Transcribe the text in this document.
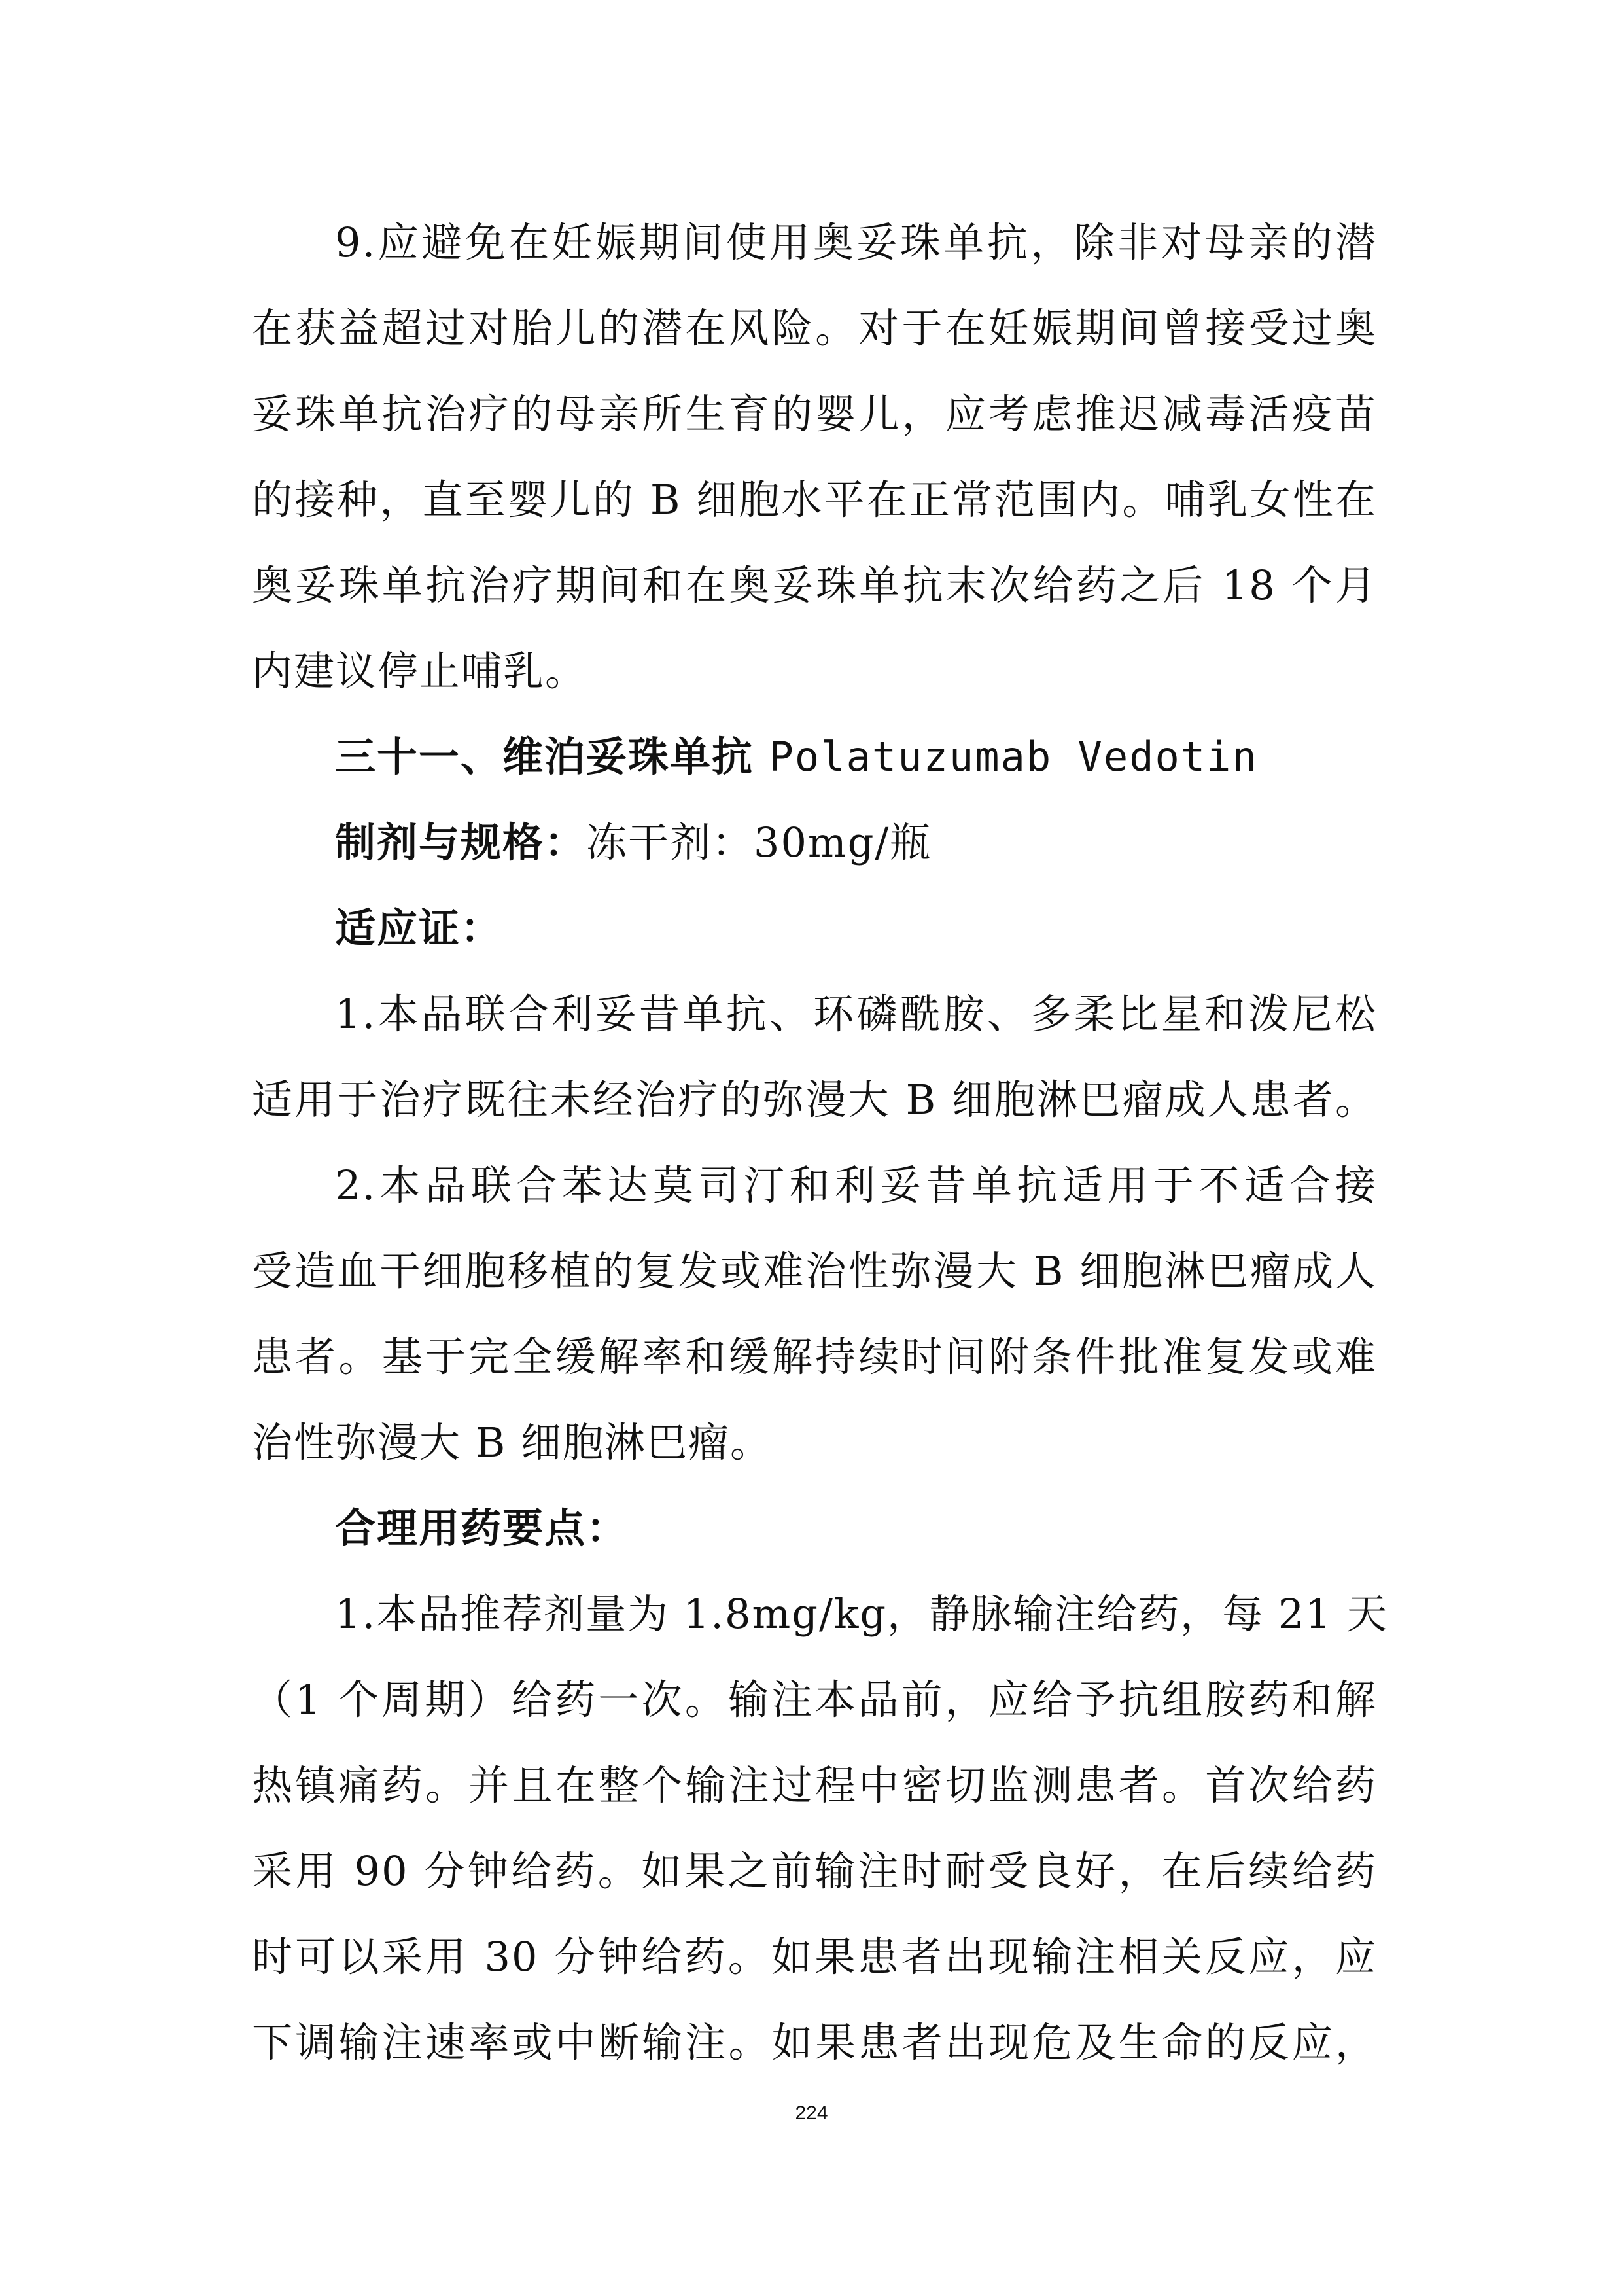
9.应避免在妊娠期间使用奥妥珠单抗，除非对母亲的潜
在获益超过对胎儿的潜在风险。对于在妊娠期间曾接受过奥
妥珠单抗治疗的母亲所生育的婴儿，应考虑推迟减毒活疫苗
的接种，直至婴儿的 B 细胞水平在正常范围内。哺乳女性在
奥妥珠单抗治疗期间和在奥妥珠单抗末次给药之后 18 个月
内建议停止哺乳。
三十一、维泊妥珠单抗 Polatuzumab Vedotin
制剂与规格：冻干剂：30mg/瓶
适应证：
1.本品联合利妥昔单抗、环磷酰胺、多柔比星和泼尼松
适用于治疗既往未经治疗的弥漫大 B 细胞淋巴瘤成人患者。
2.本品联合苯达莫司汀和利妥昔单抗适用于不适合接
受造血干细胞移植的复发或难治性弥漫大 B 细胞淋巴瘤成人
患者。基于完全缓解率和缓解持续时间附条件批准复发或难
治性弥漫大 B 细胞淋巴瘤。
合理用药要点：
1.本品推荐剂量为 1.8mg/kg，静脉输注给药，每 21 天
（1 个周期）给药一次。输注本品前，应给予抗组胺药和解
热镇痛药。并且在整个输注过程中密切监测患者。首次给药
采用 90 分钟给药。如果之前输注时耐受良好，在后续给药
时可以采用 30 分钟给药。如果患者出现输注相关反应，应
下调输注速率或中断输注。如果患者出现危及生命的反应，
224
